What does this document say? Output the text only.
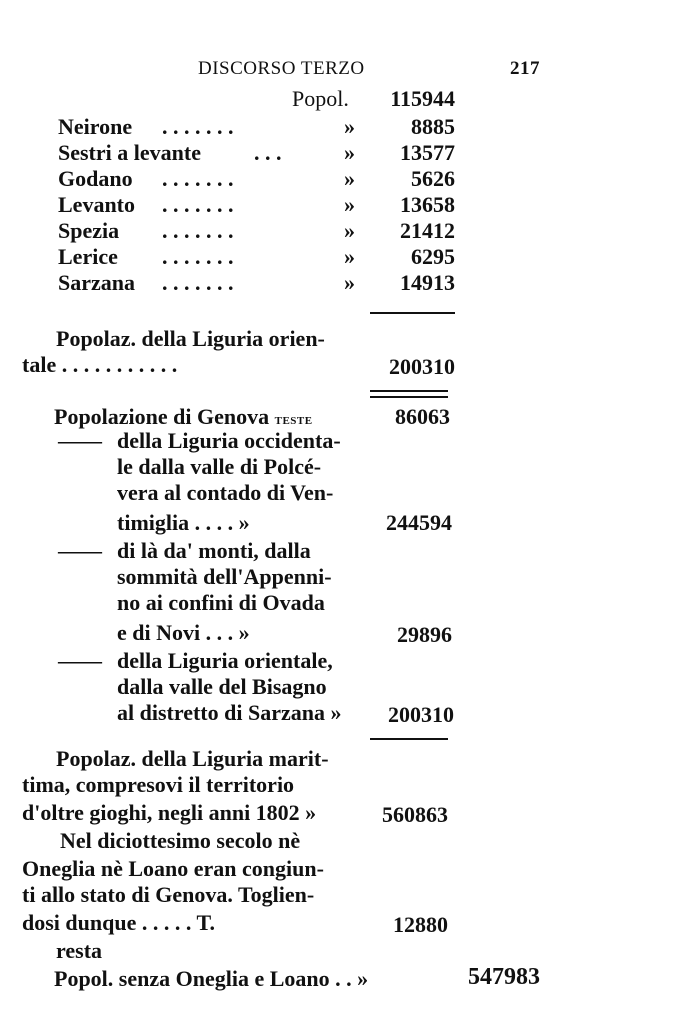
DISCORSO TERZO	217
Popol.	115944
Neirone . . . . . . .	»	8885
Sestri a levante . . .	»	13577
Godano . . . . . . .	»	5626
Levanto . . . . . . .	»	13658
Spezia . . . . . . .	»	21412
Lerice . . . . . . .	»	6295
Sarzana . . . . . . .	»	14913
Popolaz. della Liguria orien-
tale . . . . . . . . . . .	200310
Popolazione di Genova teste	86063
—— della Liguria occidenta-
le dalla valle di Polcé-
vera al contado di Ven-
timiglia . . . . »	244594
—— di là da' monti, dalla
sommità dell'Appenni-
no ai confini di Ovada
e di Novi . . . »	29896
—— della Liguria orientale,
dalla valle del Bisagno
al distretto di Sarzana »	200310
Popolaz. della Liguria marit-
tima, compresovi il territorio
d'oltre gioghi, negli anni 1802 »	560863
Nel diciottesimo secolo nè
Oneglia nè Loano eran congiun-
ti allo stato di Genova. Toglien-
dosi dunque . . . . . T.	12880
resta
Popol. senza Oneglia e Loano . . »	547983
